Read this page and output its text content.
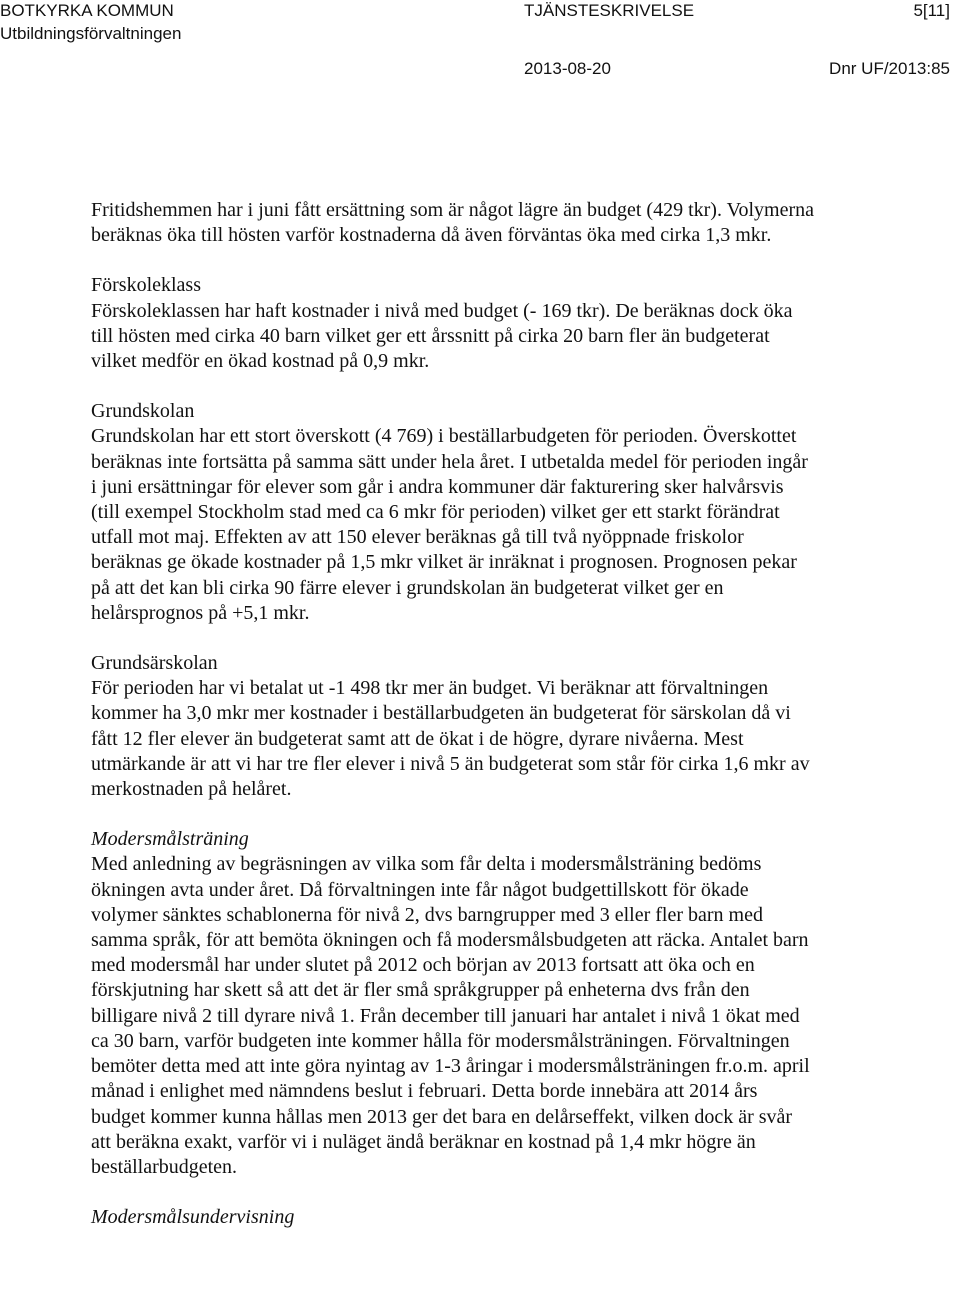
BOTKYRKA KOMMUN
Utbildningsförvaltningen
TJÄNSTESKRIVELSE	5[11]
2013-08-20	Dnr UF/2013:85

Fritidshemmen har i juni fått ersättning som är något lägre än budget (429 tkr). Volymerna beräknas öka till hösten varför kostnaderna då även förväntas öka med cirka 1,3 mkr.

Förskoleklass

Förskoleklassen har haft kostnader i nivå med budget (- 169 tkr). De beräknas dock öka till hösten med cirka 40 barn vilket ger ett årssnitt på cirka 20 barn fler än budgeterat vilket medför en ökad kostnad på 0,9 mkr.

Grundskolan

Grundskolan har ett stort överskott (4 769) i beställarbudgeten för perioden. Överskottet beräknas inte fortsätta på samma sätt under hela året. I utbetalda medel för perioden ingår i juni ersättningar för elever som går i andra kommuner där fakturering sker halvårsvis (till exempel Stockholm stad med ca 6 mkr för perioden) vilket ger ett starkt förändrat utfall mot maj. Effekten av att 150 elever beräknas gå till två nyöppnade friskolor beräknas ge ökade kostnader på 1,5 mkr vilket är inräknat i prognosen. Prognosen pekar på att det kan bli cirka 90 färre elever i grundskolan än budgeterat vilket ger en helårsprognos på +5,1 mkr.

Grundsärskolan

För perioden har vi betalat ut -1 498 tkr mer än budget. Vi beräknar att förvaltningen kommer ha 3,0 mkr mer kostnader i beställarbudgeten än budgeterat för särskolan då vi fått 12 fler elever än budgeterat samt att de ökat i de högre, dyrare nivåerna. Mest utmärkande är att vi har tre fler elever i nivå 5 än budgeterat som står för cirka 1,6 mkr av merkostnaden på helåret.

Modersmålsträning

Med anledning av begräsningen av vilka som får delta i modersmålsträning bedöms ökningen avta under året. Då förvaltningen inte får något budgettillskott för ökade volymer sänktes schablonerna för nivå 2, dvs barngrupper med 3 eller fler barn med samma språk, för att bemöta ökningen och få modersmålsbudgeten att räcka. Antalet barn med modersmål har under slutet på 2012 och början av 2013 fortsatt att öka och en förskjutning har skett så att det är fler små språkgrupper på enheterna dvs från den billigare nivå 2 till dyrare nivå 1. Från december till januari har antalet i nivå 1 ökat med ca 30 barn, varför budgeten inte kommer hålla för modersmålsträningen. Förvaltningen bemöter detta med att inte göra nyintag av 1-3 åringar i modersmålsträningen fr.o.m. april månad i enlighet med nämndens beslut i februari. Detta borde innebära att 2014 års budget kommer kunna hållas men 2013 ger det bara en delårseffekt, vilken dock är svår att beräkna exakt, varför vi i nuläget ändå beräknar en kostnad på 1,4 mkr högre än beställarbudgeten.

Modersmålsundervisning
